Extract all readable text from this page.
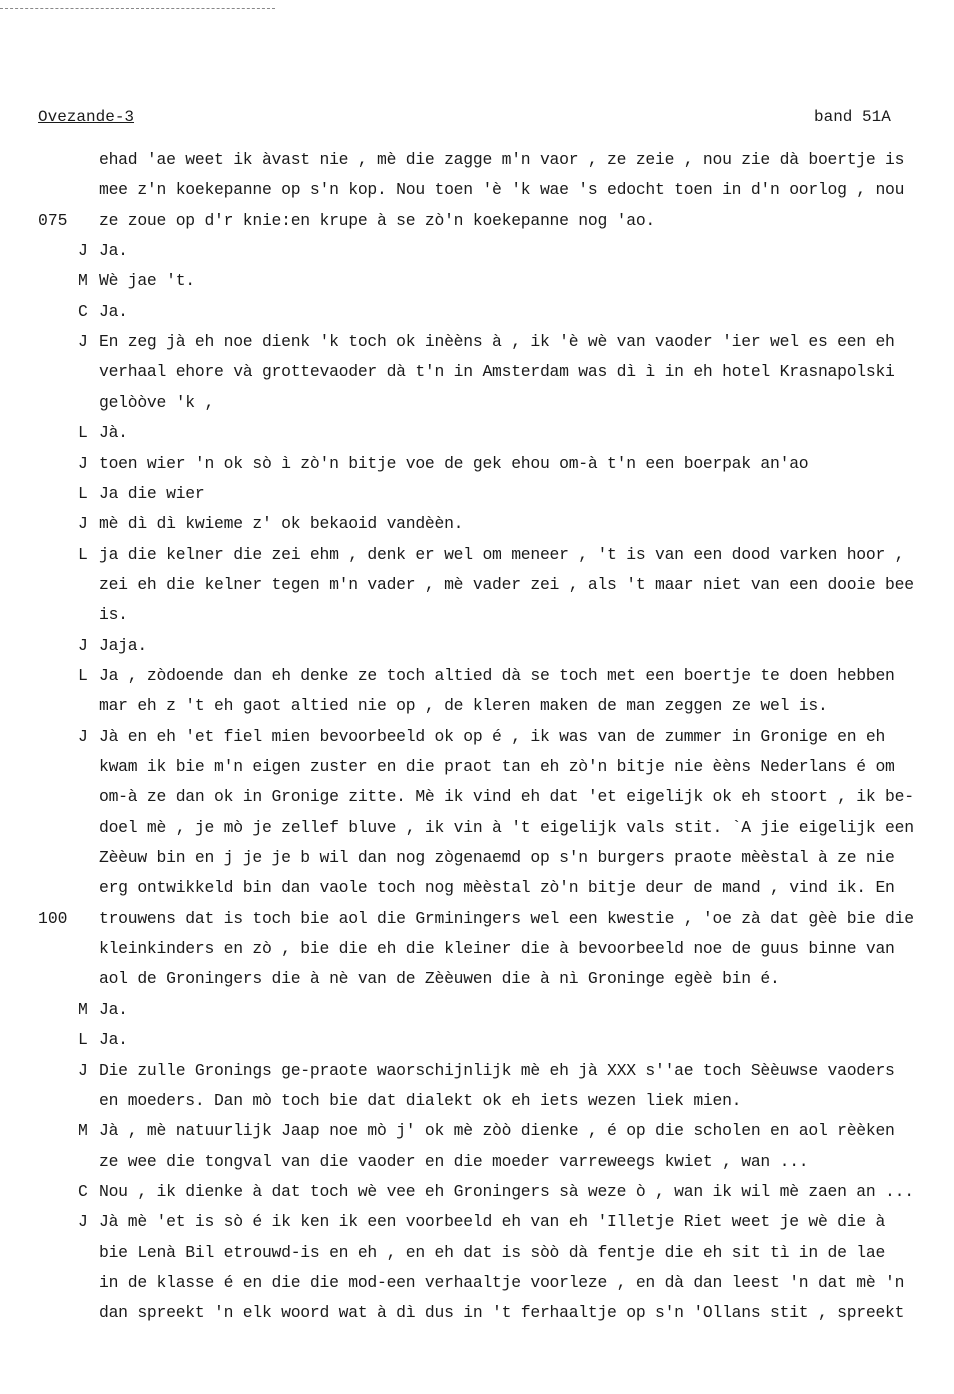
Ovezande-3	band 51A
ehad 'ae weet ik àvast nie , mè die zagge m'n vaor , ze zeie , nou zie dà boertje is
mee z'n koekepanne op s'n kop. Nou toen 'è 'k wae 's edocht toen in d'n oorlog , nou
075 ze zoue op d'r knie:en krupe à se zò'n koekepanne nog 'ao.
J Ja.
M Wè jae 't.
C Ja.
J En zeg jà eh noe dienk 'k toch ok inèèns à , ik 'è wè van vaoder 'ier wel es een eh
verhaal ehore và grottevaoder dà t'n in Amsterdam was dì ì in eh hotel Krasnapolski
gelòòve 'k ,
L Jà.
J toen wier 'n ok sò ì zò'n bitje voe de gek ehou om-à t'n een boerpak an'ao
L Ja die wier
J mè dì dì kwieme z' ok bekaoid vandèèn.
L ja die kelner die zei ehm , denk er wel om meneer , 't is van een dood varken hoor ,
zei eh die kelner tegen m'n vader , mè vader zei , als 't maar niet van een dooie bee
is.
J Jaja.
L Ja , zòdoende dan eh denke ze toch altied dà se toch met een boertje te doen hebben
mar eh z 't eh gaot altied nie op , de kleren maken de man zeggen ze wel is.
J Jà en eh 'et fiel mien bevoorbeeld ok op é , ik was van de zummer in Gronige en eh
kwam ik bie m'n eigen zuster en die praot tan eh zò'n bitje nie èèns Nederlans é om
om-à ze dan ok in Gronige zitte. Mè ik vind eh dat 'et eigelijk ok eh stoort , ik be-
doel mè , je mò je zellef bluve , ik vin à 't eigelijk vals stit. `A jie eigelijk een
Zèèuw bin en j je je b wil dan nog zògenaemd op s'n burgers praote mèèstal à ze nie
erg ontwikkeld bin dan vaole toch nog mèèstal zò'n bitje deur de mand , vind ik. En
100 trouwens dat is toch bie aol die Grminingers wel een kwestie , 'oe zà dat gèè bie die
kleinkinders en zò , bie die eh die kleiner die à bevoorbeeld noe de guus binne van
aol de Groningers die à nè van de Zèèuwen die à nì Groninge egèè bin é.
M Ja.
L Ja.
J Die zulle Gronings ge-praote waorschijnlijk mè eh jà XXX s''ae toch Sèèuwse vaoders
en moeders. Dan mò toch bie dat dialekt ok eh iets wezen liek mien.
M Jà , mè natuurlijk Jaap noe mò j' ok mè zòò dienke , é op die scholen en aol rèèken
ze wee die tongval van die vaoder en die moeder varreweegs kwiet , wan ...
C Nou , ik dienke à dat toch wè vee eh Groningers sà weze ò , wan ik wil mè zaen an ...
J Jà mè 'et is sò é ik ken ik een voorbeeld eh van eh 'Illetje Riet weet je wè die à
bie Lenà Bil etrouwd-is en eh , en eh dat is sòò dà fentje die eh sit tì in de lae
in de klasse é en die die mod-een verhaaltje voorleze , en dà dan leest 'n dat mè 'n
dan spreekt 'n elk woord wat à dì dus in 't ferhaaltje op s'n 'Ollans stit , spreekt
